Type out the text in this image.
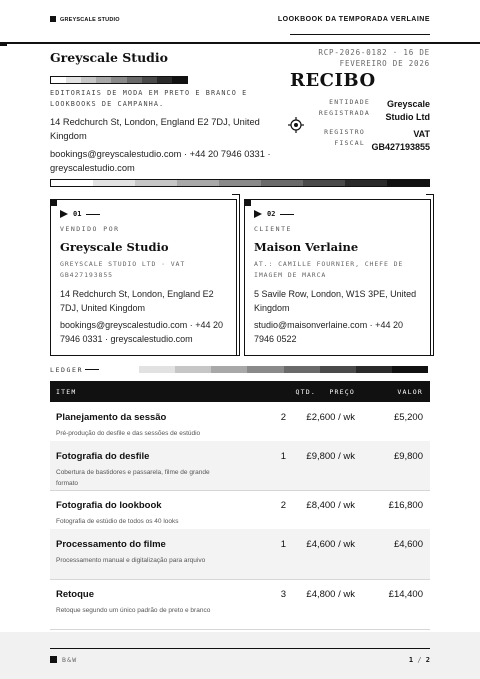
GREYSCALE STUDIO	LOOKBOOK DA TEMPORADA VERLAINE
Greyscale Studio
EDITORIAIS DE MODA EM PRETO E BRANCO E LOOKBOOKS DE CAMPANHA.
14 Redchurch St, London, England E2 7DJ, United Kingdom
bookings@greyscalestudio.com · +44 20 7946 0331 · greyscalestudio.com
RCP-2026-0182 · 16 DE FEVEREIRO DE 2026
RECIBO
ENTIDADE REGISTRADA
Greyscale Studio Ltd
REGISTRO FISCAL
VAT GB427193855
01
VENDIDO POR
Greyscale Studio
GREYSCALE STUDIO LTD · VAT GB427193855
14 Redchurch St, London, England E2 7DJ, United Kingdom
bookings@greyscalestudio.com · +44 20 7946 0331 · greyscalestudio.com
02
CLIENTE
Maison Verlaine
AT.: CAMILLE FOURNIER, CHEFE DE IMAGEM DE MARCA
5 Savile Row, London, W1S 3PE, United Kingdom
studio@maisonverlaine.com · +44 20 7946 0522
LEDGER
ITEM	QTD.	PREÇO	VALOR
Planejamento da sessão
Pré-produção do desfile e das sessões de estúdio
2	£2,600 / wk	£5,200
Fotografia do desfile
Cobertura de bastidores e passarela, filme de grande formato
1	£9,800 / wk	£9,800
Fotografia do lookbook
Fotografia de estúdio de todos os 40 looks
2	£8,400 / wk	£16,800
Processamento do filme
Processamento manual e digitalização para arquivo
1	£4,600 / wk	£4,600
Retoque
Retoque segundo um único padrão de preto e branco
3	£4,800 / wk	£14,400
B&W	1 / 2
